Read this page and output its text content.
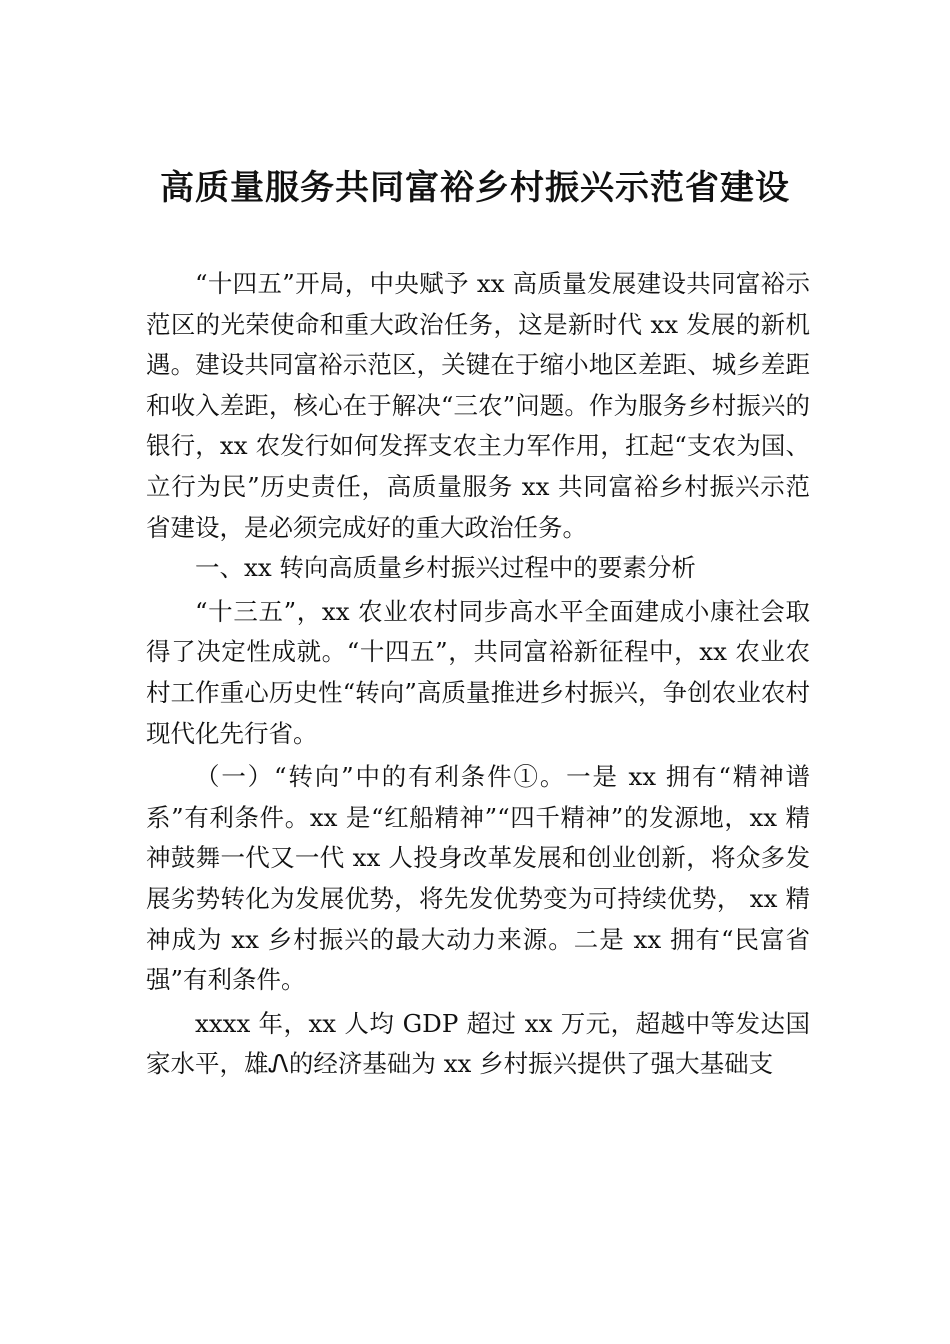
高质量服务共同富裕乡村振兴示范省建设

“十四五”开局，中央赋予 xx 高质量发展建设共同富裕示范区的光荣使命和重大政治任务，这是新时代 xx 发展的新机遇。建设共同富裕示范区，关键在于缩小地区差距、城乡差距和收入差距，核心在于解决“三农”问题。作为服务乡村振兴的银行，xx 农发行如何发挥支农主力军作用，扛起“支农为国、立行为民”历史责任，高质量服务 xx 共同富裕乡村振兴示范省建设，是必须完成好的重大政治任务。

一、xx 转向高质量乡村振兴过程中的要素分析

“十三五”，xx 农业农村同步高水平全面建成小康社会取得了决定性成就。“十四五”，共同富裕新征程中，xx 农业农村工作重心历史性“转向”高质量推进乡村振兴，争创农业农村现代化先行省。

（一）“转向”中的有利条件①。一是 xx 拥有“精神谱系”有利条件。xx 是“红船精神”“四千精神”的发源地，xx 精神鼓舞一代又一代 xx 人投身改革发展和创业创新，将众多发展劣势转化为发展优势，将先发优势变为可持续优势， xx 精神成为 xx 乡村振兴的最大动力来源。二是 xx 拥有“民富省强”有利条件。

xxxx 年，xx 人均 GDP 超过 xx 万元，超越中等发达国家水平，雄Ꮑ的经济基础为 xx 乡村振兴提供了强大基础支
